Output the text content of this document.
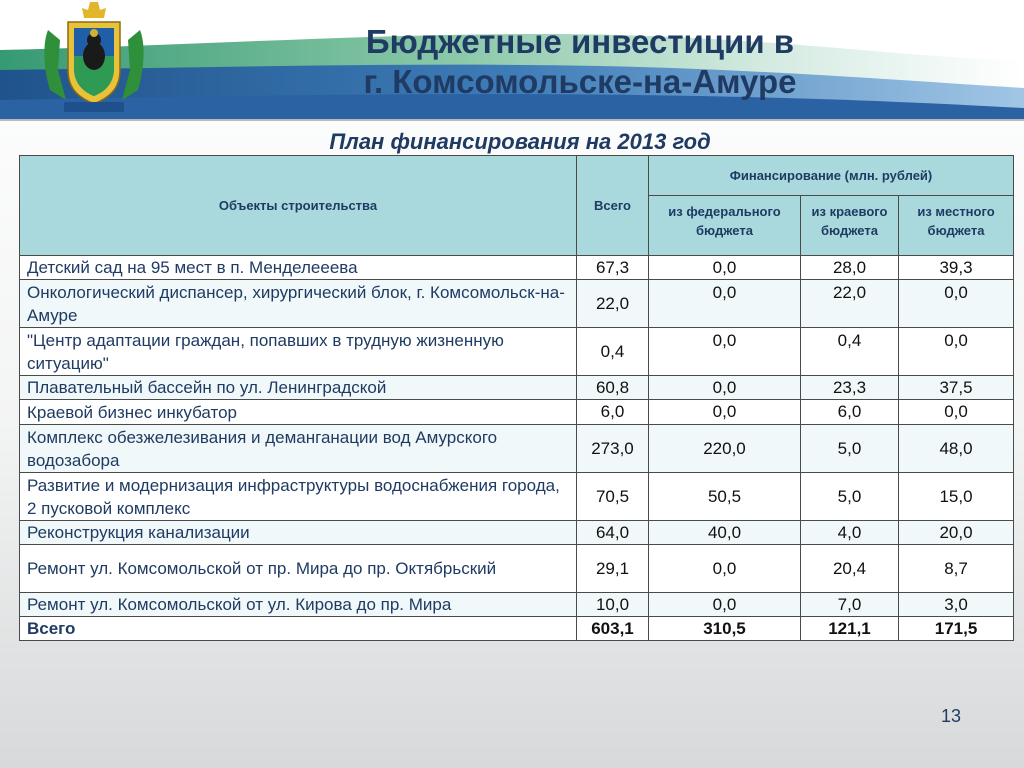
Бюджетные инвестиции в
г. Комсомольске-на-Амуре
План финансирования на 2013 год
Объекты строительства	Всего	Финансирование (млн. рублей)		
		из федерального бюджета	из краевого бюджета	из местного бюджета
Детский сад на 95 мест в п. Менделееева	67,3	0,0	28,0	39,3
Онкологический диспансер, хирургический блок, г. Комсомольск-на-Амуре	22,0	0,0	22,0	0,0
"Центр адаптации граждан, попавших в трудную жизненную ситуацию"	0,4	0,0	0,4	0,0
Плавательный бассейн по ул. Ленинградской	60,8	0,0	23,3	37,5
Краевой бизнес инкубатор	6,0	0,0	6,0	0,0
Комплекс обезжелезивания и деманганации вод Амурского водозабора	273,0	220,0	5,0	48,0
Развитие и модернизация инфраструктуры водоснабжения города, 2 пусковой комплекс	70,5	50,5	5,0	15,0
Реконструкция канализации	64,0	40,0	4,0	20,0
Ремонт ул. Комсомольской от пр. Мира до пр. Октябрьский	29,1	0,0	20,4	8,7
Ремонт ул. Комсомольской от ул. Кирова до пр. Мира	10,0	0,0	7,0	3,0
Всего	603,1	310,5	121,1	171,5
13
